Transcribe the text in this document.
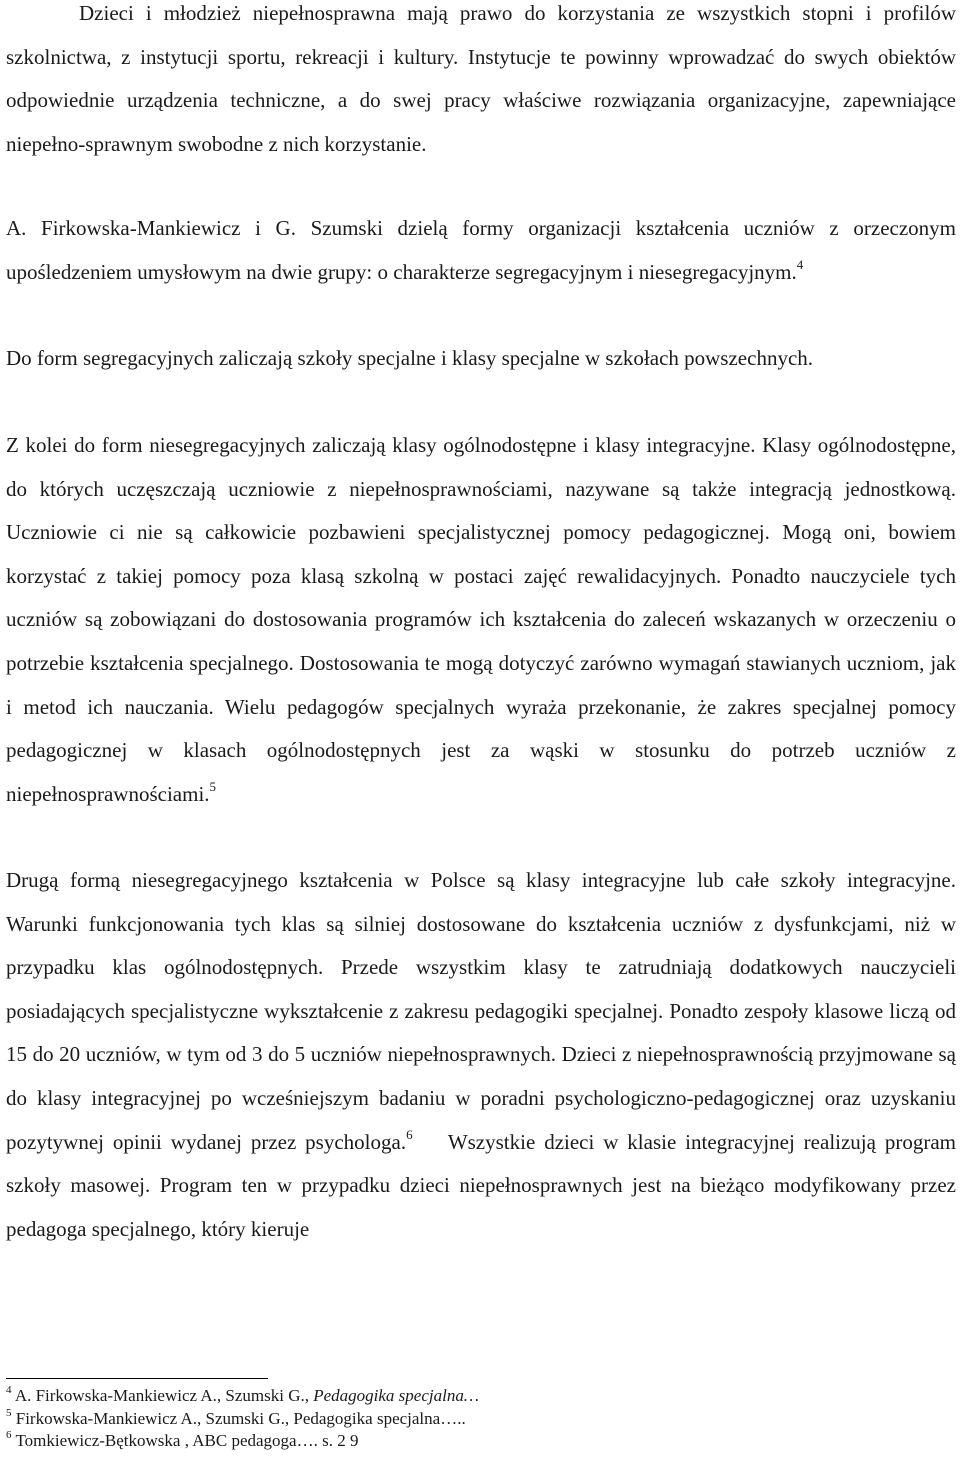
Dzieci i młodzież niepełnosprawna mają prawo do korzystania ze wszystkich stopni i profilów szkolnictwa, z instytucji sportu, rekreacji i kultury. Instytucje te powinny wprowadzać do swych obiektów odpowiednie urządzenia techniczne, a do swej pracy właściwe rozwiązania organizacyjne, zapewniające niepełno-sprawnym swobodne z nich korzystanie.

A. Firkowska-Mankiewicz i G. Szumski dzielą formy organizacji kształcenia uczniów z orzeczonym upośledzeniem umysłowym na dwie grupy: o charakterze segregacyjnym i niesegregacyjnym.$^4$

Do form segregacyjnych zaliczają szkoły specjalne i klasy specjalne w szkołach powszechnych.

Z kolei do form niesegregacyjnych zaliczają klasy ogólnodostępne i klasy integracyjne. Klasy ogólnodostępne, do których uczęszczają uczniowie z niepełnosprawnościami, nazywane są także integracją jednostkową. Uczniowie ci nie są całkowicie pozbawieni specjalistycznej pomocy pedagogicznej. Mogą oni, bowiem korzystać z takiej pomocy poza klasą szkolną w postaci zajęć rewalidacyjnych. Ponadto nauczyciele tych uczniów są zobowiązani do dostosowania programów ich kształcenia do zaleceń wskazanych w orzeczeniu o potrzebie kształcenia specjalnego. Dostosowania te mogą dotyczyć zarówno wymagań stawianych uczniom, jak i metod ich nauczania. Wielu pedagogów specjalnych wyraża przekonanie, że zakres specjalnej pomocy pedagogicznej w klasach ogólnodostępnych jest za wąski w stosunku do potrzeb uczniów z niepełnosprawnościami.$^5$

Drugą formą niesegregacyjnego kształcenia w Polsce są klasy integracyjne lub całe szkoły integracyjne. Warunki funkcjonowania tych klas są silniej dostosowane do kształcenia uczniów z dysfunkcjami, niż w przypadku klas ogólnodostępnych. Przede wszystkim klasy te zatrudniają dodatkowych nauczycieli posiadających specjalistyczne wykształcenie z zakresu pedagogiki specjalnej. Ponadto zespoły klasowe liczą od 15 do 20 uczniów, w tym od 3 do 5 uczniów niepełnosprawnych. Dzieci z niepełnosprawnością przyjmowane są do klasy integracyjnej po wcześniejszym badaniu w poradni psychologiczno-pedagogicznej oraz uzyskaniu pozytywnej opinii wydanej przez psychologa.$^6$ Wszystkie dzieci w klasie integracyjnej realizują program szkoły masowej. Program ten w przypadku dzieci niepełnosprawnych jest na bieżąco modyfikowany przez pedagoga specjalnego, który kieruje

$^4$ A. Firkowska-Mankiewicz A., Szumski G., Pedagogika specjalna…

$^5$ Firkowska-Mankiewicz A., Szumski G., Pedagogika specjalna…..

$^6$ Tomkiewicz-Bętkowska , ABC pedagoga…. s. 2 9
